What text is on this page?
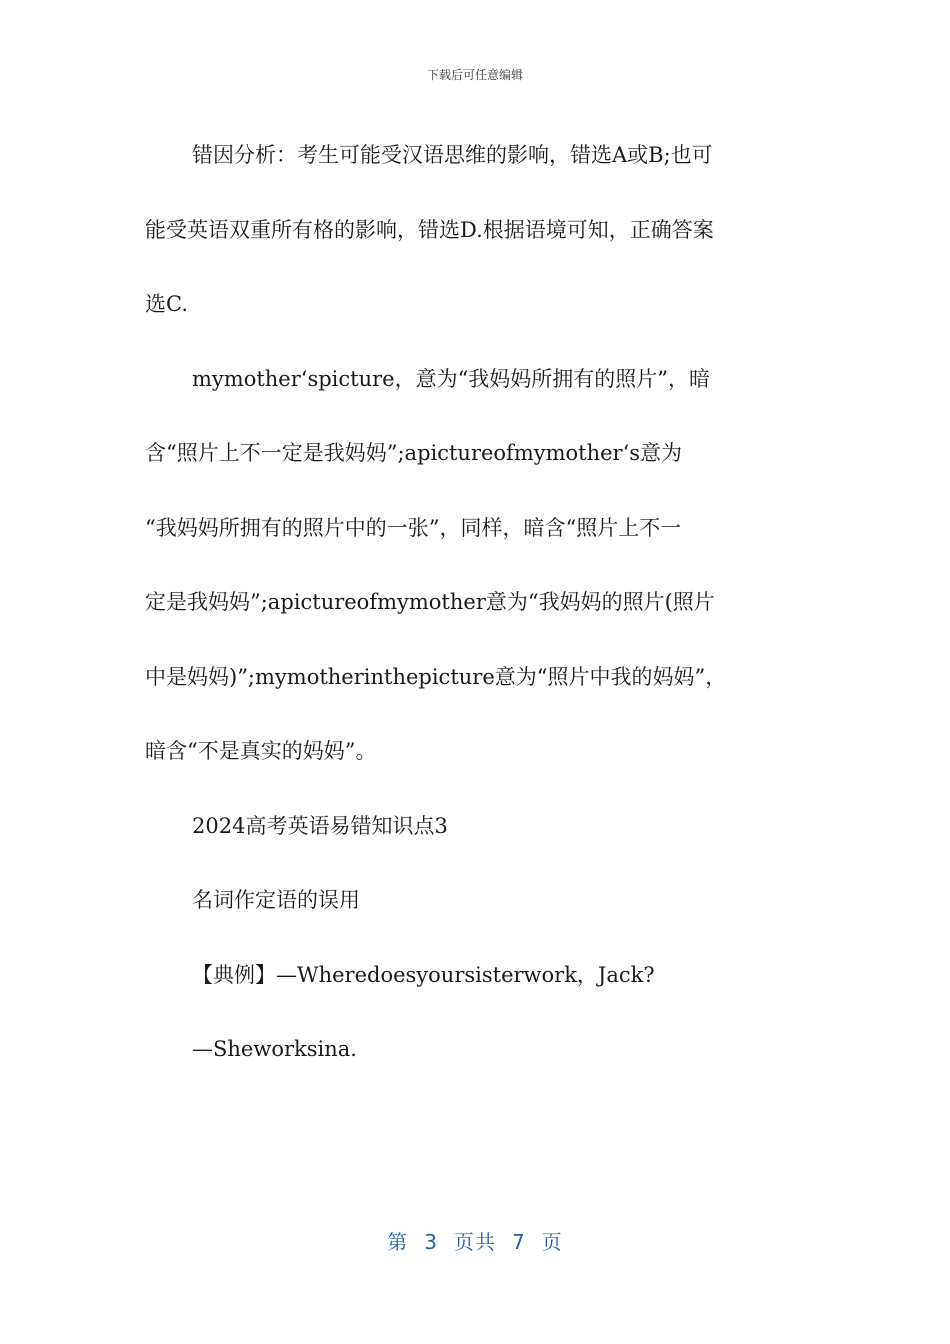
下载后可任意编辑
错因分析：考生可能受汉语思维的影响，错选A或B;也可
能受英语双重所有格的影响，错选D.根据语境可知，正确答案
选C.
mymother‘spicture，意为“我妈妈所拥有的照片”，暗
含“照片上不一定是我妈妈”;apictureofmymother‘s意为
“我妈妈所拥有的照片中的一张”，同样，暗含“照片上不一
定是我妈妈”;apictureofmymother意为“我妈妈的照片(照片
中是妈妈)”;mymotherinthepicture意为“照片中我的妈妈”，
暗含“不是真实的妈妈”。
2024高考英语易错知识点3
名词作定语的误用
【典例】—Wheredoesyoursisterwork，Jack?
—Sheworksina.
第 3 页共 7 页
